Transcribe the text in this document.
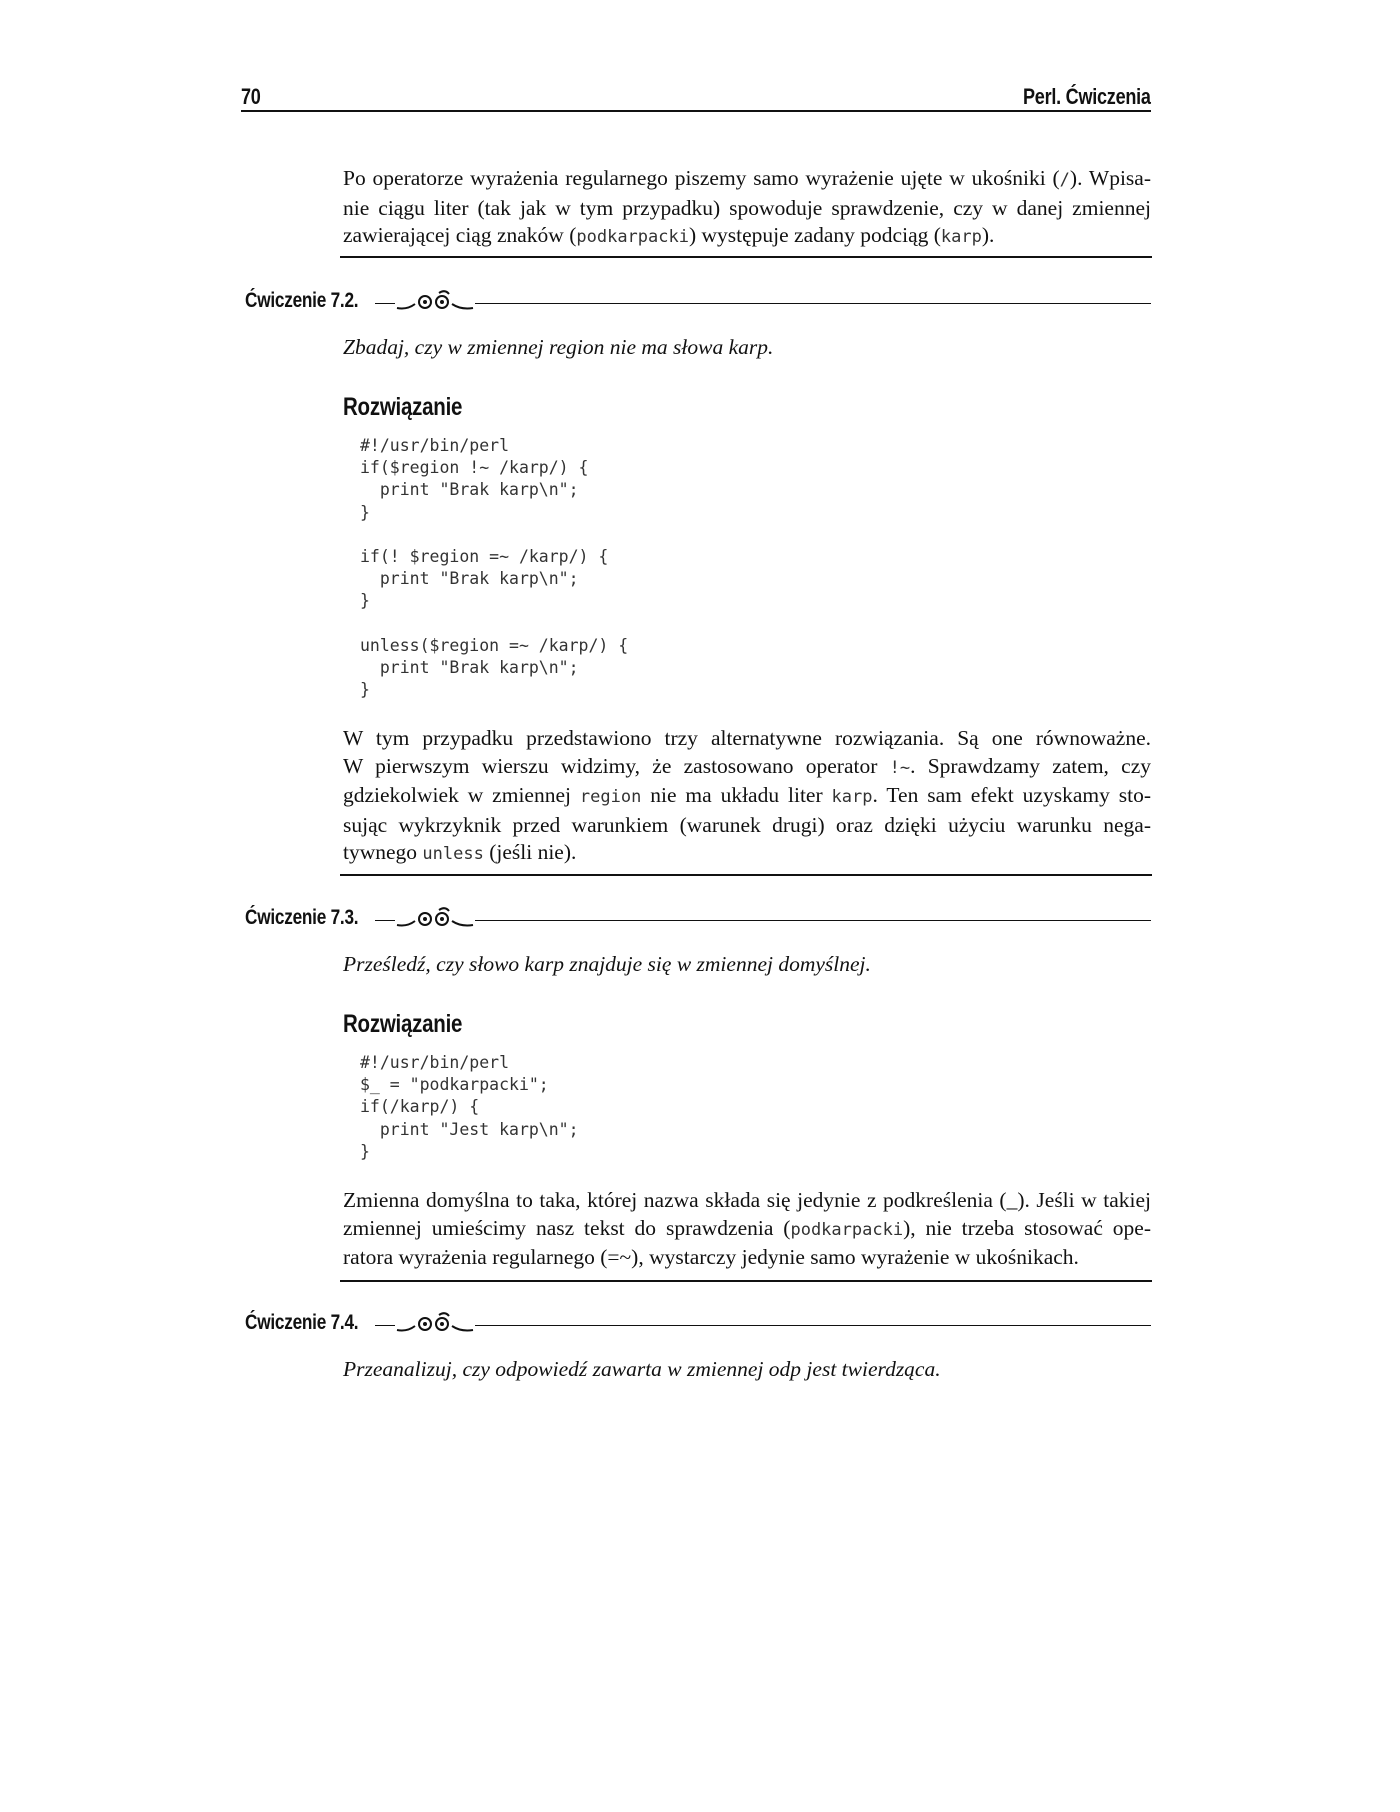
70	Perl. Ćwiczenia
Po operatorze wyrażenia regularnego piszemy samo wyrażenie ujęte w ukośniki (/). Wpisa-
nie ciągu liter (tak jak w tym przypadku) spowoduje sprawdzenie, czy w danej zmiennej
zawierającej ciąg znaków (podkarpacki) występuje zadany podciąg (karp).
Ćwiczenie 7.2.
Zbadaj, czy w zmiennej region nie ma słowa karp.
Rozwiązanie
#!/usr/bin/perl
if($region !~ /karp/) {
print "Brak karp\n";
}

if(! $region =~ /karp/) {
print "Brak karp\n";
}

unless($region =~ /karp/) {
print "Brak karp\n";
}
W tym przypadku przedstawiono trzy alternatywne rozwiązania. Są one równoważne.
W pierwszym wierszu widzimy, że zastosowano operator !~. Sprawdzamy zatem, czy
gdziekolwiek w zmiennej region nie ma układu liter karp. Ten sam efekt uzyskamy sto-
sując wykrzyknik przed warunkiem (warunek drugi) oraz dzięki użyciu warunku nega-
tywnego unless (jeśli nie).
Ćwiczenie 7.3.
Prześledź, czy słowo karp znajduje się w zmiennej domyślnej.
Rozwiązanie
#!/usr/bin/perl
$_ = "podkarpacki";
if(/karp/) {
print "Jest karp\n";
}
Zmienna domyślna to taka, której nazwa składa się jedynie z podkreślenia (_). Jeśli w takiej
zmiennej umieścimy nasz tekst do sprawdzenia (podkarpacki), nie trzeba stosować ope-
ratora wyrażenia regularnego (=~), wystarczy jedynie samo wyrażenie w ukośnikach.
Ćwiczenie 7.4.
Przeanalizuj, czy odpowiedź zawarta w zmiennej odp jest twierdząca.
